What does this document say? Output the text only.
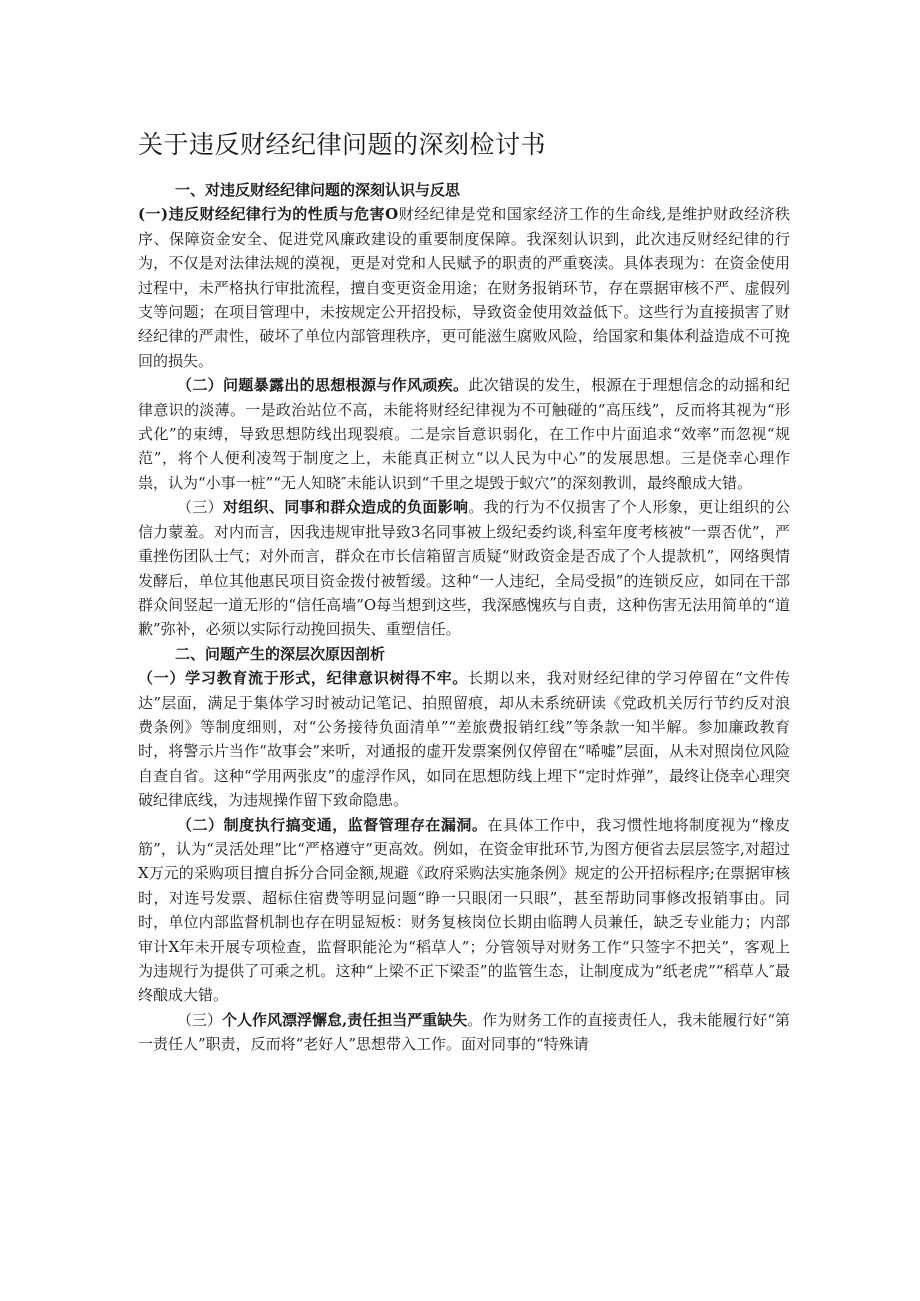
关于违反财经纪律问题的深刻检讨书
一、对违反财经纪律问题的深刻认识与反思

(一)违反财经纪律行为的性质与危害O财经纪律是党和国家经济工作的生命线,是维护财政经济秩序、保障资金安全、促进党风廉政建设的重要制度保障。我深刻认识到，此次违反财经纪律的行为，不仅是对法律法规的漠视，更是对党和人民赋予的职责的严重亵渎。具体表现为：在资金使用过程中，未严格执行审批流程，擅自变更资金用途；在财务报销环节，存在票据审核不严、虚假列支等问题；在项目管理中，未按规定公开招投标，导致资金使用效益低下。这些行为直接损害了财经纪律的严肃性，破坏了单位内部管理秩序，更可能滋生腐败风险，给国家和集体利益造成不可挽回的损失。

（二）问题暴露出的思想根源与作风顽疾。此次错误的发生，根源在于理想信念的动摇和纪律意识的淡薄。一是政治站位不高，未能将财经纪律视为不可触碰的“高压线”，反而将其视为“形式化”的束缚，导致思想防线出现裂痕。二是宗旨意识弱化，在工作中片面追求“效率”而忽视“规范”，将个人便利凌驾于制度之上，未能真正树立“以人民为中心”的发展思想。三是侥幸心理作祟，认为“小事一桩”“无人知晓″未能认识到“千里之堤毁于蚁穴”的深刻教训，最终酿成大错。

（三）对组织、同事和群众造成的负面影响。我的行为不仅损害了个人形象，更让组织的公信力蒙羞。对内而言，因我违规审批导致3名同事被上级纪委约谈,科室年度考核被“一票否优”，严重挫伤团队士气；对外而言，群众在市长信箱留言质疑“财政资金是否成了个人提款机”，网络舆情发酵后，单位其他惠民项目资金拨付被暂缓。这种“一人违纪，全局受损”的连锁反应，如同在干部群众间竖起一道无形的“信任高墙”O每当想到这些，我深感愧疚与自责，这种伤害无法用简单的“道歉”弥补，必须以实际行动挽回损失、重塑信任。

二、问题产生的深层次原因剖析

（一）学习教育流于形式，纪律意识树得不牢。长期以来，我对财经纪律的学习停留在“文件传达”层面，满足于集体学习时被动记笔记、拍照留痕，却从未系统研读《党政机关厉行节约反对浪费条例》等制度细则，对“公务接待负面清单”“差旅费报销红线”等条款一知半解。参加廉政教育时，将警示片当作“故事会”来听，对通报的虚开发票案例仅停留在“唏嘘”层面，从未对照岗位风险自查自省。这种“学用两张皮”的虚浮作风，如同在思想防线上埋下“定时炸弹”，最终让侥幸心理突破纪律底线，为违规操作留下致命隐患。

（二）制度执行搞变通，监督管理存在漏洞。在具体工作中，我习惯性地将制度视为“橡皮筋”，认为“灵活处理”比“严格遵守”更高效。例如，在资金审批环节,为图方便省去层层签字,对超过X万元的采购项目擅自拆分合同金额,规避《政府采购法实施条例》规定的公开招标程序;在票据审核时，对连号发票、超标住宿费等明显问题“睁一只眼闭一只眼”，甚至帮助同事修改报销事由。同时，单位内部监督机制也存在明显短板：财务复核岗位长期由临聘人员兼任，缺乏专业能力；内部审计X年未开展专项检查，监督职能沦为“稻草人”；分管领导对财务工作“只签字不把关”，客观上为违规行为提供了可乘之机。这种“上梁不正下梁歪”的监管生态，让制度成为“纸老虎”“稻草人″最终酿成大错。

（三）个人作风漂浮懈怠,责任担当严重缺失。作为财务工作的直接责任人，我未能履行好“第一责任人”职责，反而将“老好人”思想带入工作。面对同事的“特殊请
